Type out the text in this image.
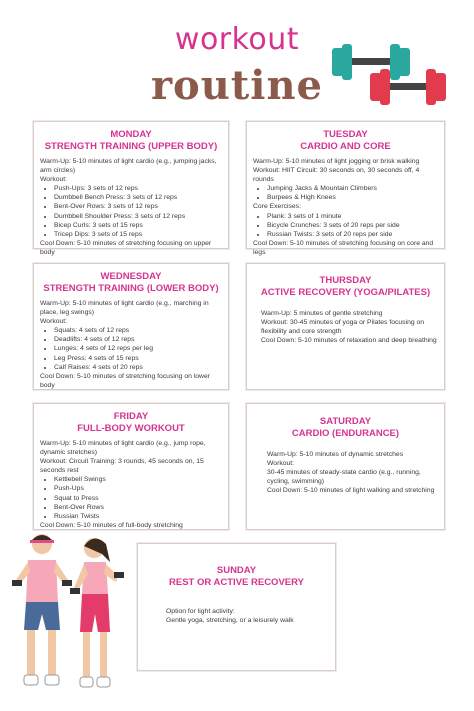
workout
routine
MONDAY
STRENGTH TRAINING (UPPER BODY)
Warm-Up: 5-10 minutes of light cardio (e.g., jumping jacks, arm circles)
Workout:
• Push-Ups: 3 sets of 12 reps
• Dumbbell Bench Press: 3 sets of 12 reps
• Bent-Over Rows: 3 sets of 12 reps
• Dumbbell Shoulder Press: 3 sets of 12 reps
• Bicep Curls: 3 sets of 15 reps
• Tricep Dips: 3 sets of 15 reps
Cool Down: 5-10 minutes of stretching focusing on upper body
TUESDAY
CARDIO AND CORE
Warm-Up: 5-10 minutes of light jogging or brisk walking
Workout: HIIT Circuit: 30 seconds on, 30 seconds off, 4 rounds
• Jumping Jacks & Mountain Climbers
• Burpees & High Knees
Core Exercises:
• Plank: 3 sets of 1 minute
• Bicycle Crunches: 3 sets of 20 reps per side
• Russian Twists: 3 sets of 20 reps per side
Cool Down: 5-10 minutes of stretching focusing on core and legs
WEDNESDAY
STRENGTH TRAINING (LOWER BODY)
Warm-Up: 5-10 minutes of light cardio (e.g., marching in place, leg swings)
Workout:
• Squats: 4 sets of 12 reps
• Deadlifts: 4 sets of 12 reps
• Lunges: 4 sets of 12 reps per leg
• Leg Press: 4 sets of 15 reps
• Calf Raises: 4 sets of 20 reps
Cool Down: 5-10 minutes of stretching focusing on lower body
THURSDAY
ACTIVE RECOVERY (YOGA/PILATES)
Warm-Up: 5 minutes of gentle stretching
Workout: 30-45 minutes of yoga or Pilates focusing on flexibility and core strength
Cool Down: 5-10 minutes of relaxation and deep breathing
FRIDAY
FULL-BODY WORKOUT
Warm-Up: 5-10 minutes of light cardio (e.g., jump rope, dynamic stretches)
Workout: Circuit Training: 3 rounds, 45 seconds on, 15 seconds rest
• Kettlebell Swings
• Push-Ups
• Squat to Press
• Bent-Over Rows
• Russian Twists
Cool Down: 5-10 minutes of full-body stretching
SATURDAY
CARDIO (ENDURANCE)
Warm-Up: 5-10 minutes of dynamic stretches
Workout:
30-45 minutes of steady-state cardio (e.g., running, cycling, swimming)
Cool Down: 5-10 minutes of light walking and stretching
SUNDAY
REST OR ACTIVE RECOVERY
Option for light activity:
Gentle yoga, stretching, or a leisurely walk
